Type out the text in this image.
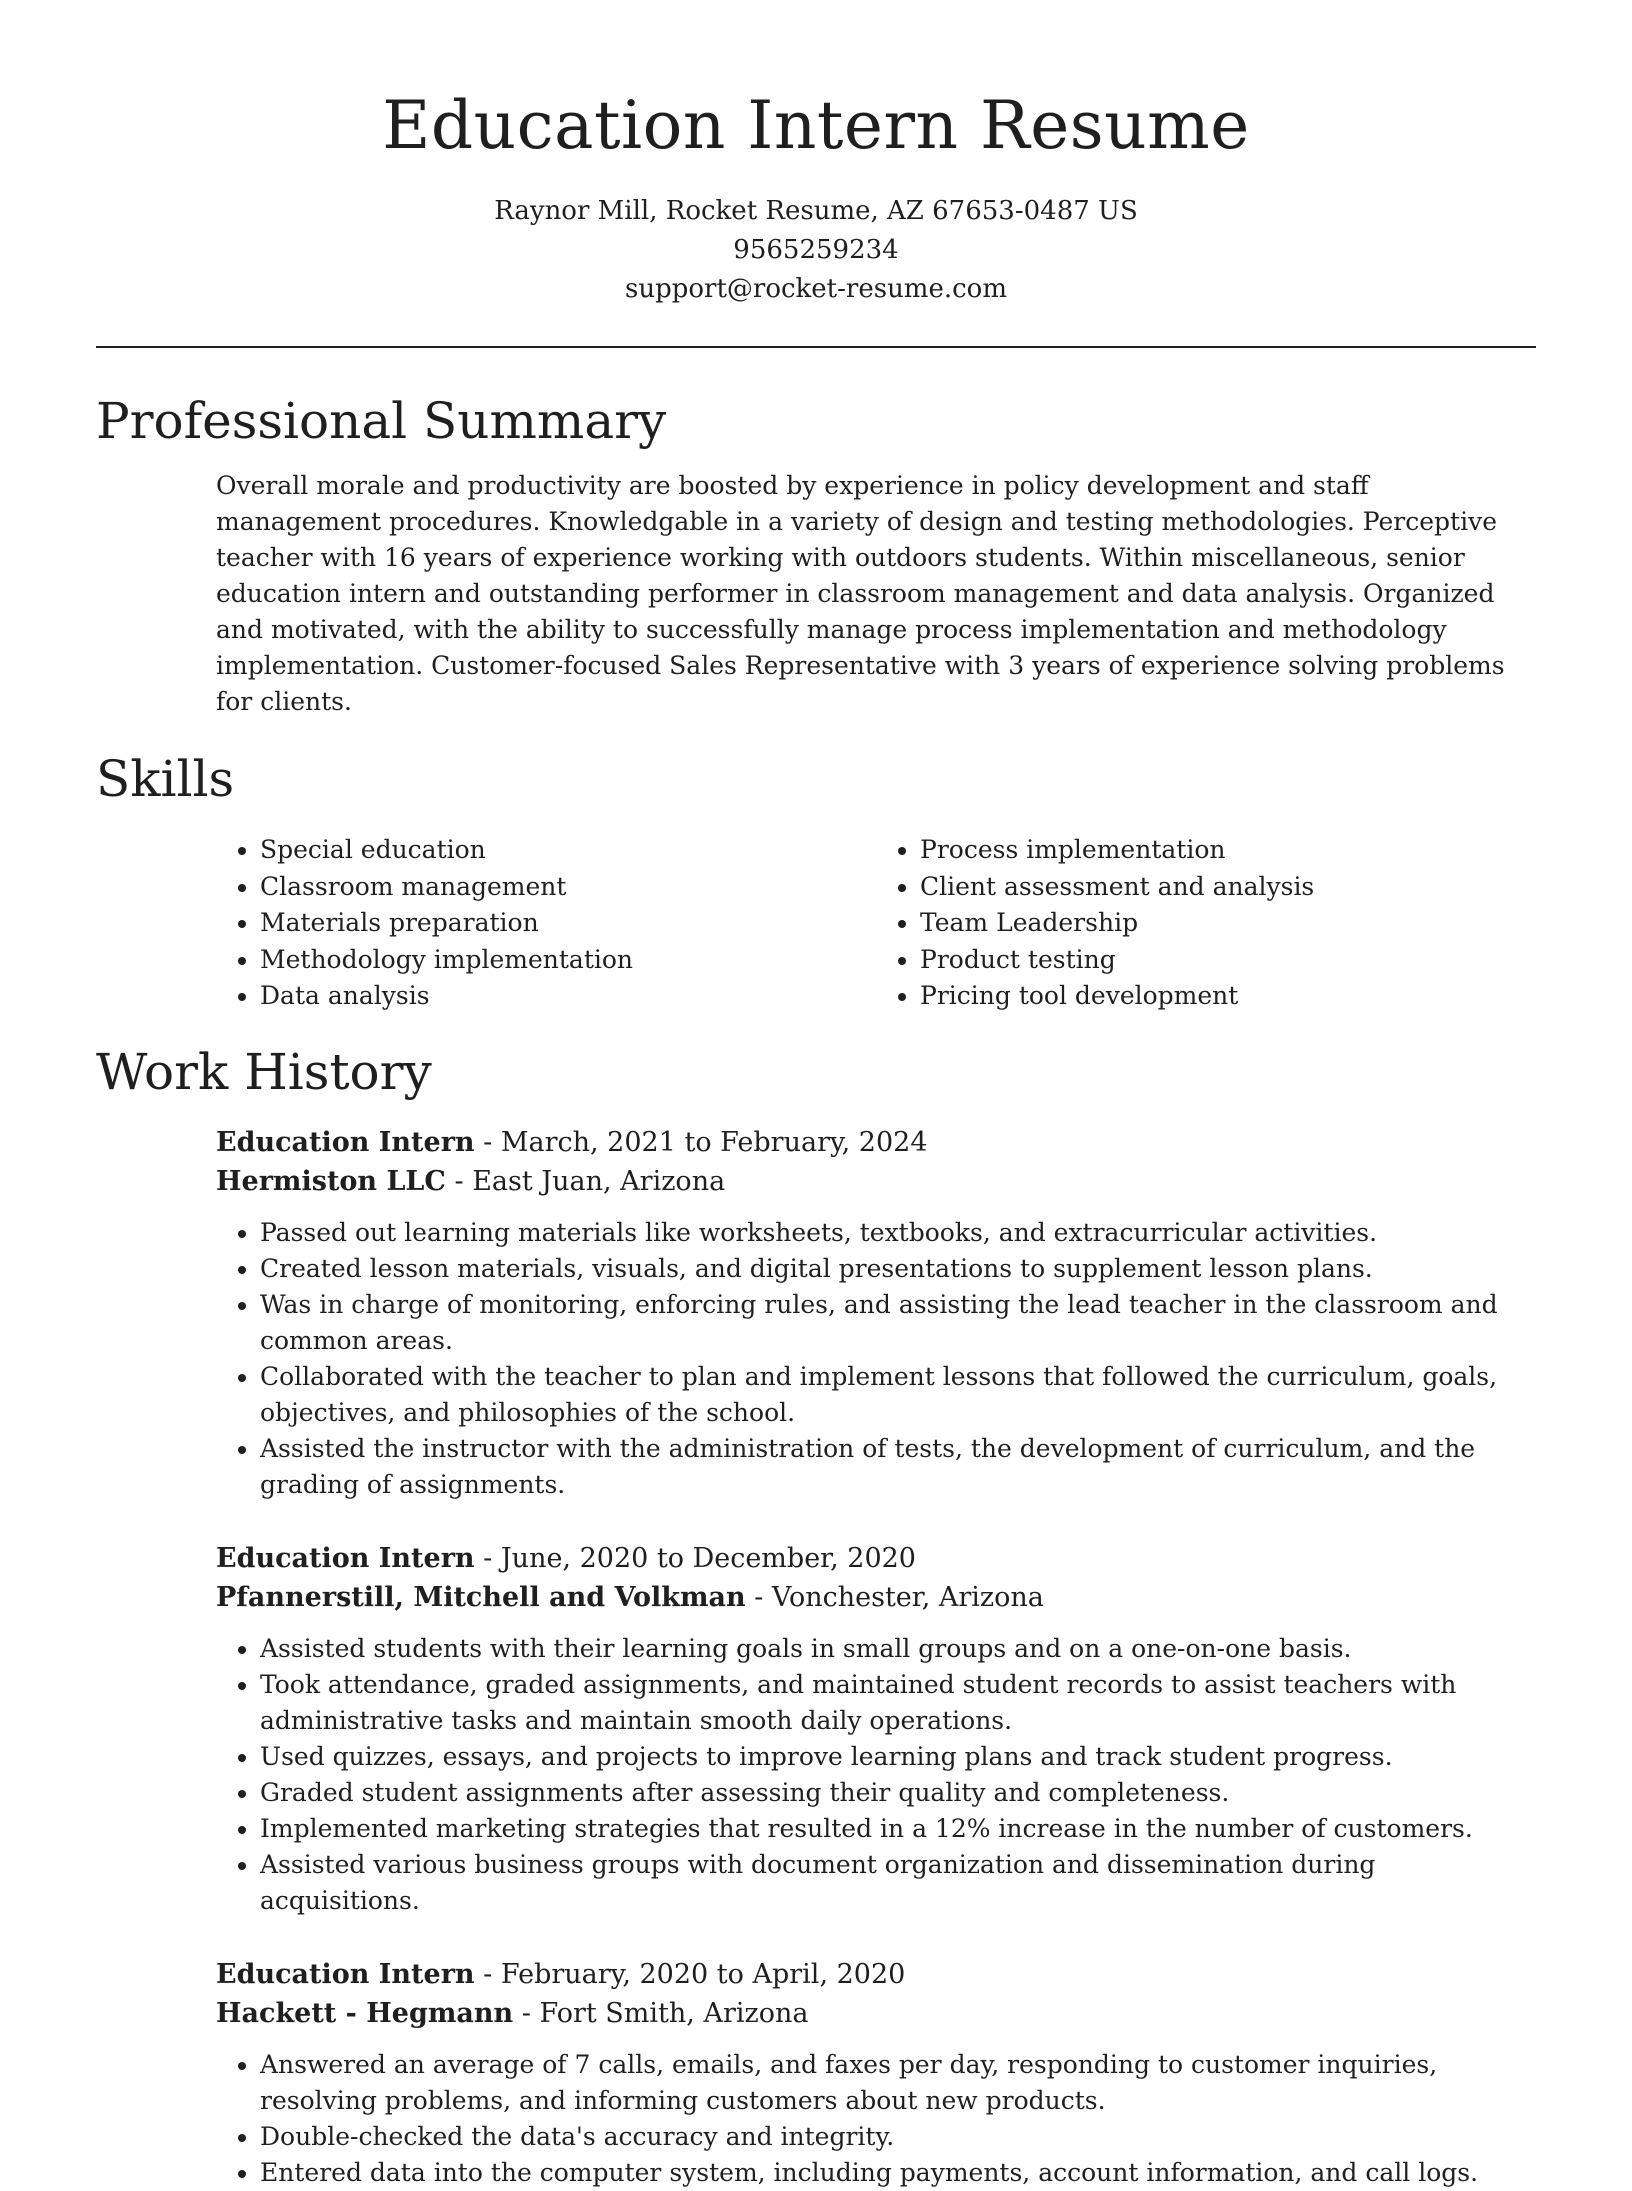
Education Intern Resume
Raynor Mill, Rocket Resume, AZ 67653-0487 US
9565259234
support@rocket-resume.com
Professional Summary

Overall morale and productivity are boosted by experience in policy development and staff management procedures. Knowledgable in a variety of design and testing methodologies. Perceptive teacher with 16 years of experience working with outdoors students. Within miscellaneous, senior education intern and outstanding performer in classroom management and data analysis. Organized and motivated, with the ability to successfully manage process implementation and methodology implementation. Customer-focused Sales Representative with 3 years of experience solving problems for clients.

Skills
• Special education
• Classroom management
• Materials preparation
• Methodology implementation
• Data analysis
• Process implementation
• Client assessment and analysis
• Team Leadership
• Product testing
• Pricing tool development
Work History
Education Intern - March, 2021 to February, 2024
Hermiston LLC - East Juan, Arizona
• Passed out learning materials like worksheets, textbooks, and extracurricular activities.
• Created lesson materials, visuals, and digital presentations to supplement lesson plans.
• Was in charge of monitoring, enforcing rules, and assisting the lead teacher in the classroom and common areas.
• Collaborated with the teacher to plan and implement lessons that followed the curriculum, goals, objectives, and philosophies of the school.
• Assisted the instructor with the administration of tests, the development of curriculum, and the grading of assignments.
Education Intern - June, 2020 to December, 2020
Pfannerstill, Mitchell and Volkman - Vonchester, Arizona
• Assisted students with their learning goals in small groups and on a one-on-one basis.
• Took attendance, graded assignments, and maintained student records to assist teachers with administrative tasks and maintain smooth daily operations.
• Used quizzes, essays, and projects to improve learning plans and track student progress.
• Graded student assignments after assessing their quality and completeness.
• Implemented marketing strategies that resulted in a 12% increase in the number of customers.
• Assisted various business groups with document organization and dissemination during acquisitions.
Education Intern - February, 2020 to April, 2020
Hackett - Hegmann - Fort Smith, Arizona
• Answered an average of 7 calls, emails, and faxes per day, responding to customer inquiries, resolving problems, and informing customers about new products.
• Double-checked the data's accuracy and integrity.
• Entered data into the computer system, including payments, account information, and call logs.
